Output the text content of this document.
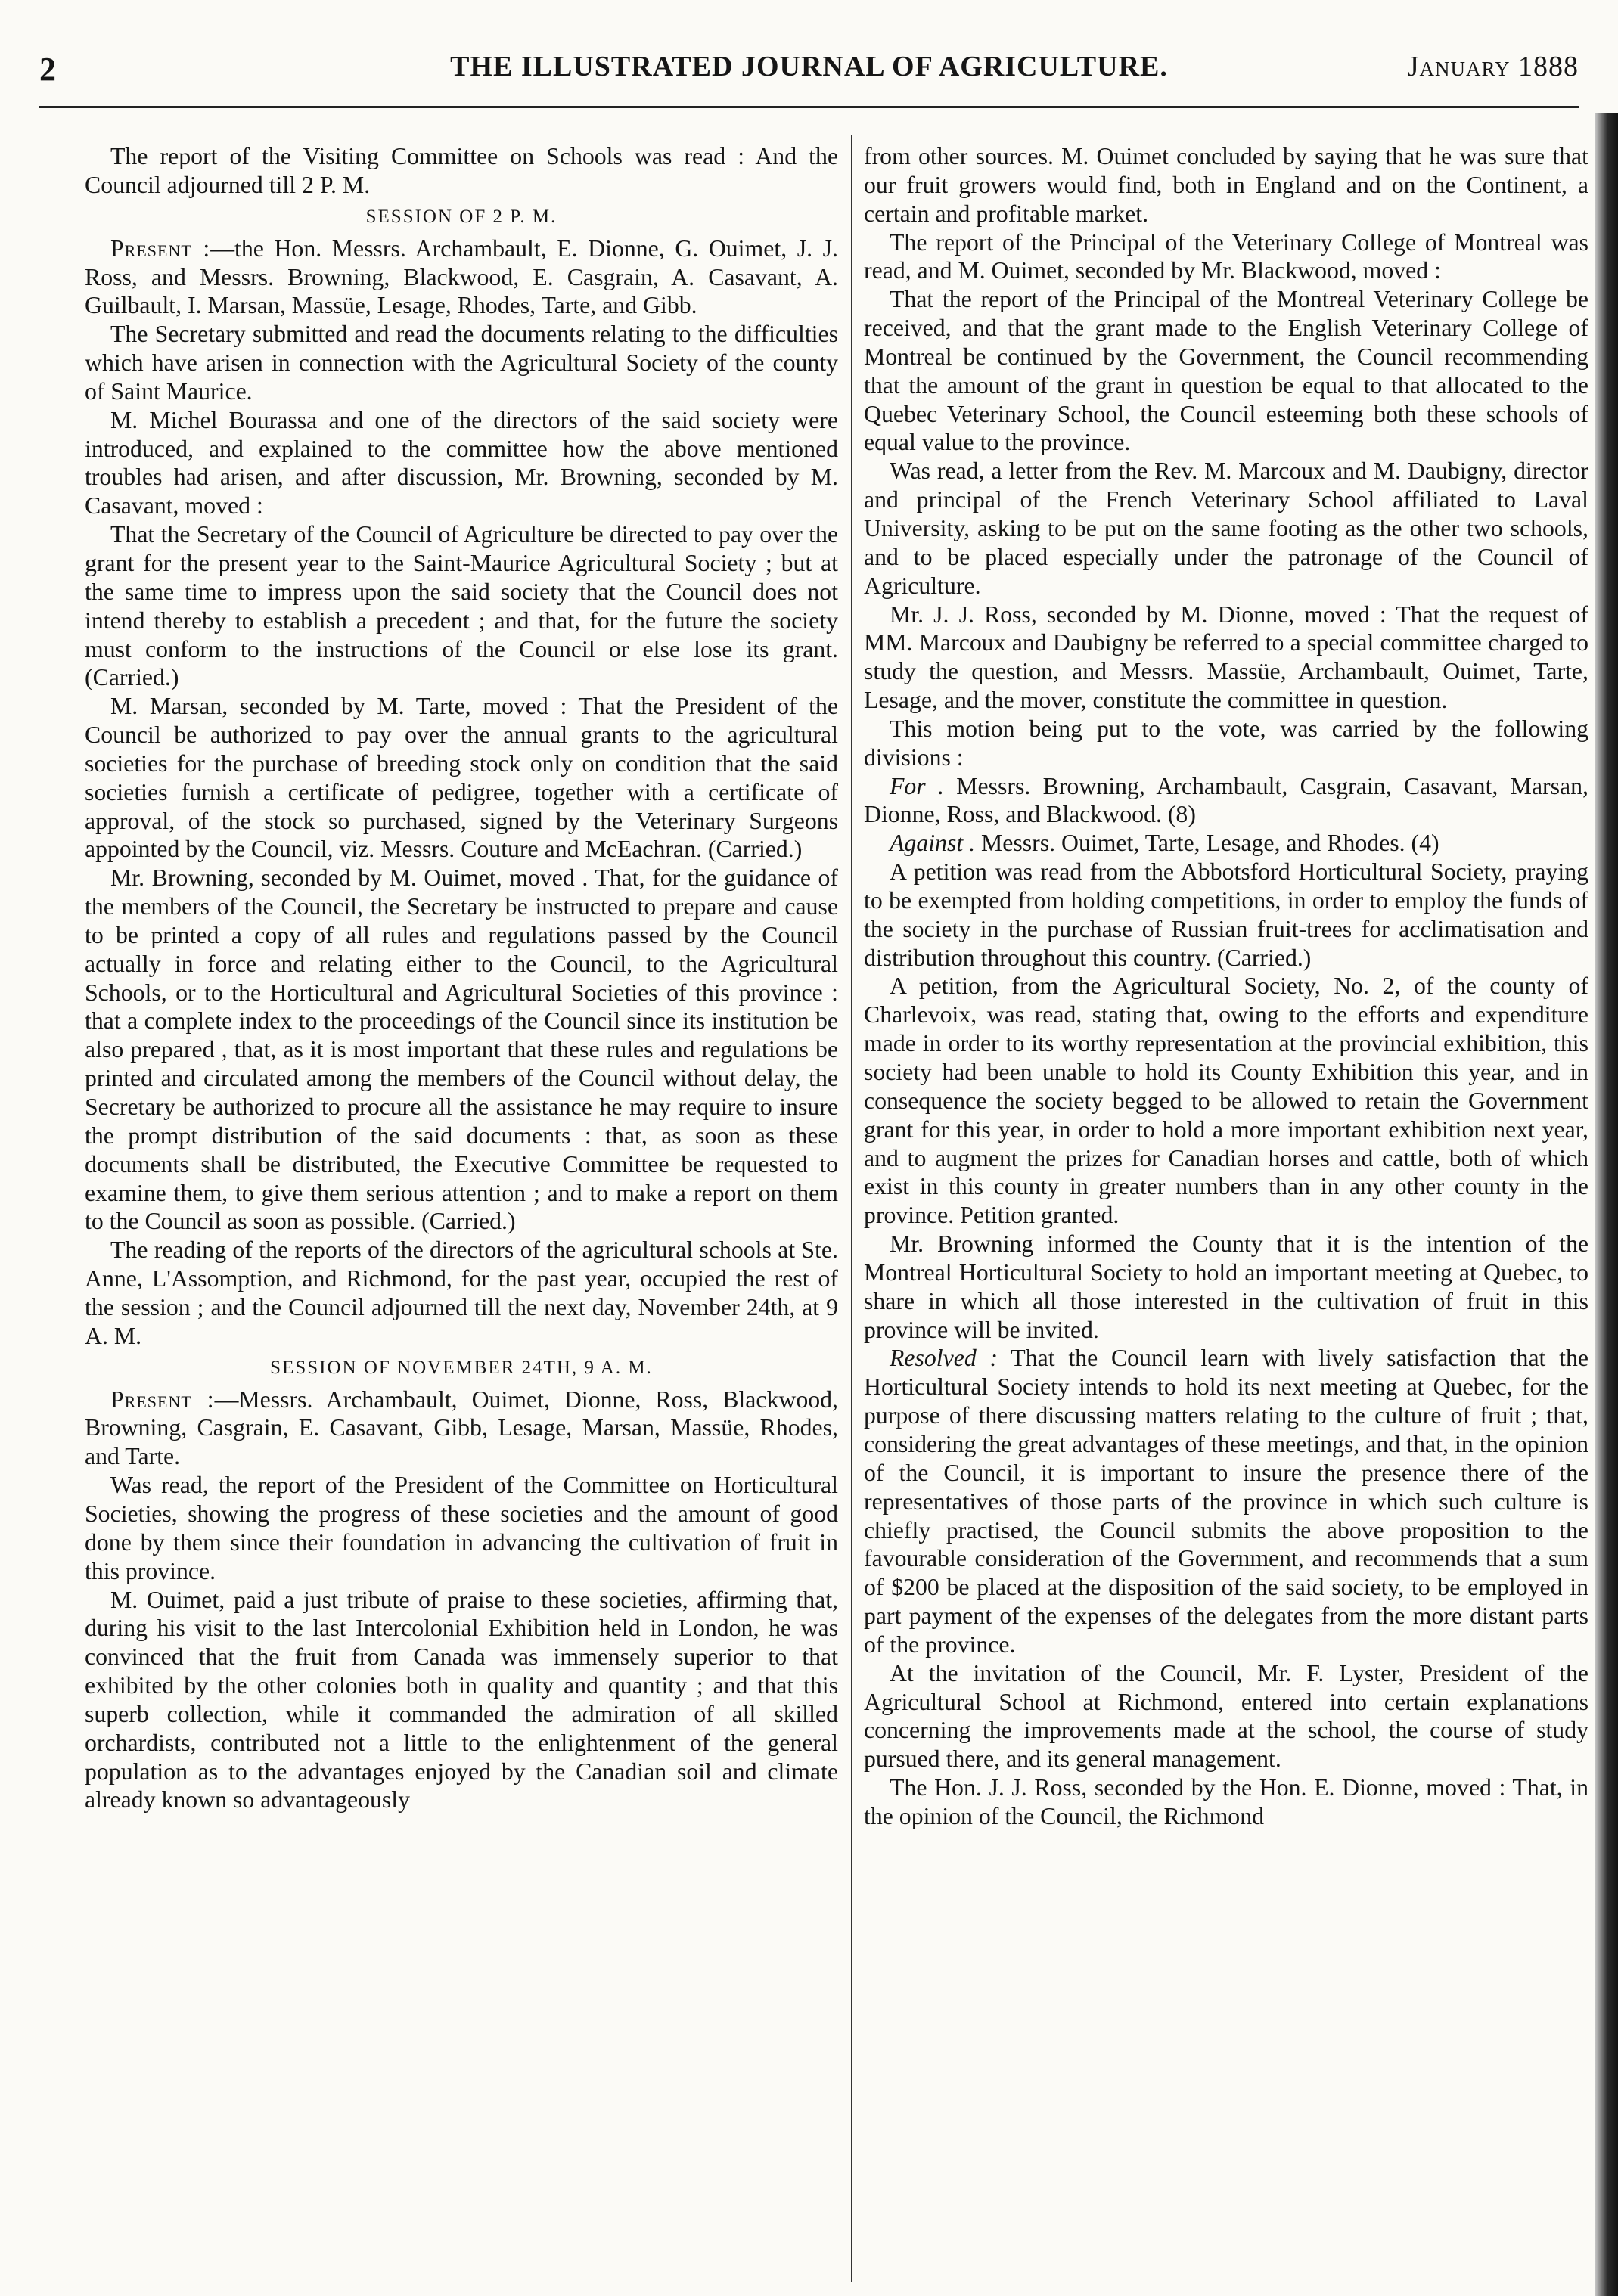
2	THE ILLUSTRATED JOURNAL OF AGRICULTURE.	January 1888

The report of the Visiting Committee on Schools was read : And the Council adjourned till 2 P. M.

SESSION OF 2 P. M.

Present :—the Hon. Messrs. Archambault, E. Dionne, G. Ouimet, J. J. Ross, and Messrs. Browning, Blackwood, E. Casgrain, A. Casavant, A. Guilbault, I. Marsan, Massüe, Lesage, Rhodes, Tarte, and Gibb.

The Secretary submitted and read the documents relating to the difficulties which have arisen in connection with the Agricultural Society of the county of Saint Maurice.

M. Michel Bourassa and one of the directors of the said society were introduced, and explained to the committee how the above mentioned troubles had arisen, and after discussion, Mr. Browning, seconded by M. Casavant, moved :

That the Secretary of the Council of Agriculture be directed to pay over the grant for the present year to the Saint-Maurice Agricultural Society ; but at the same time to impress upon the said society that the Council does not intend thereby to establish a precedent ; and that, for the future the society must conform to the instructions of the Council or else lose its grant. (Carried.)

M. Marsan, seconded by M. Tarte, moved : That the President of the Council be authorized to pay over the annual grants to the agricultural societies for the purchase of breeding stock only on condition that the said societies furnish a certificate of pedigree, together with a certificate of approval, of the stock so purchased, signed by the Veterinary Surgeons appointed by the Council, viz. Messrs. Couture and McEachran. (Carried.)

Mr. Browning, seconded by M. Ouimet, moved . That, for the guidance of the members of the Council, the Secretary be instructed to prepare and cause to be printed a copy of all rules and regulations passed by the Council actually in force and relating either to the Council, to the Agricultural Schools, or to the Horticultural and Agricultural Societies of this province : that a complete index to the proceedings of the Council since its institution be also prepared , that, as it is most important that these rules and regulations be printed and circulated among the members of the Council without delay, the Secretary be authorized to procure all the assistance he may require to insure the prompt distribution of the said documents : that, as soon as these documents shall be distributed, the Executive Committee be requested to examine them, to give them serious attention ; and to make a report on them to the Council as soon as possible. (Carried.)

The reading of the reports of the directors of the agricultural schools at Ste. Anne, L'Assomption, and Richmond, for the past year, occupied the rest of the session ; and the Council adjourned till the next day, November 24th, at 9 A. M.

SESSION OF NOVEMBER 24TH, 9 A. M.

Present :—Messrs. Archambault, Ouimet, Dionne, Ross, Blackwood, Browning, Casgrain, E. Casavant, Gibb, Lesage, Marsan, Massüe, Rhodes, and Tarte.

Was read, the report of the President of the Committee on Horticultural Societies, showing the progress of these societies and the amount of good done by them since their foundation in advancing the cultivation of fruit in this province.

M. Ouimet, paid a just tribute of praise to these societies, affirming that, during his visit to the last Intercolonial Exhibition held in London, he was convinced that the fruit from Canada was immensely superior to that exhibited by the other colonies both in quality and quantity ; and that this superb collection, while it commanded the admiration of all skilled orchardists, contributed not a little to the enlightenment of the general population as to the advantages enjoyed by the Canadian soil and climate already known so advantageously

from other sources. M. Ouimet concluded by saying that he was sure that our fruit growers would find, both in England and on the Continent, a certain and profitable market.

The report of the Principal of the Veterinary College of Montreal was read, and M. Ouimet, seconded by Mr. Blackwood, moved :

That the report of the Principal of the Montreal Veterinary College be received, and that the grant made to the English Veterinary College of Montreal be continued by the Government, the Council recommending that the amount of the grant in question be equal to that allocated to the Quebec Veterinary School, the Council esteeming both these schools of equal value to the province.

Was read, a letter from the Rev. M. Marcoux and M. Daubigny, director and principal of the French Veterinary School affiliated to Laval University, asking to be put on the same footing as the other two schools, and to be placed especially under the patronage of the Council of Agriculture.

Mr. J. J. Ross, seconded by M. Dionne, moved : That the request of MM. Marcoux and Daubigny be referred to a special committee charged to study the question, and Messrs. Massüe, Archambault, Ouimet, Tarte, Lesage, and the mover, constitute the committee in question.

This motion being put to the vote, was carried by the following divisions :

For . Messrs. Browning, Archambault, Casgrain, Casavant, Marsan, Dionne, Ross, and Blackwood. (8)

Against . Messrs. Ouimet, Tarte, Lesage, and Rhodes. (4)

A petition was read from the Abbotsford Horticultural Society, praying to be exempted from holding competitions, in order to employ the funds of the society in the purchase of Russian fruit-trees for acclimatisation and distribution throughout this country. (Carried.)

A petition, from the Agricultural Society, No. 2, of the county of Charlevoix, was read, stating that, owing to the efforts and expenditure made in order to its worthy representation at the provincial exhibition, this society had been unable to hold its County Exhibition this year, and in consequence the society begged to be allowed to retain the Government grant for this year, in order to hold a more important exhibition next year, and to augment the prizes for Canadian horses and cattle, both of which exist in this county in greater numbers than in any other county in the province. Petition granted.

Mr. Browning informed the County that it is the intention of the Montreal Horticultural Society to hold an important meeting at Quebec, to share in which all those interested in the cultivation of fruit in this province will be invited.

Resolved : That the Council learn with lively satisfaction that the Horticultural Society intends to hold its next meeting at Quebec, for the purpose of there discussing matters relating to the culture of fruit ; that, considering the great advantages of these meetings, and that, in the opinion of the Council, it is important to insure the presence there of the representatives of those parts of the province in which such culture is chiefly practised, the Council submits the above proposition to the favourable consideration of the Government, and recommends that a sum of $200 be placed at the disposition of the said society, to be employed in part payment of the expenses of the delegates from the more distant parts of the province.

At the invitation of the Council, Mr. F. Lyster, President of the Agricultural School at Richmond, entered into certain explanations concerning the improvements made at the school, the course of study pursued there, and its general management.

The Hon. J. J. Ross, seconded by the Hon. E. Dionne, moved : That, in the opinion of the Council, the Richmond
